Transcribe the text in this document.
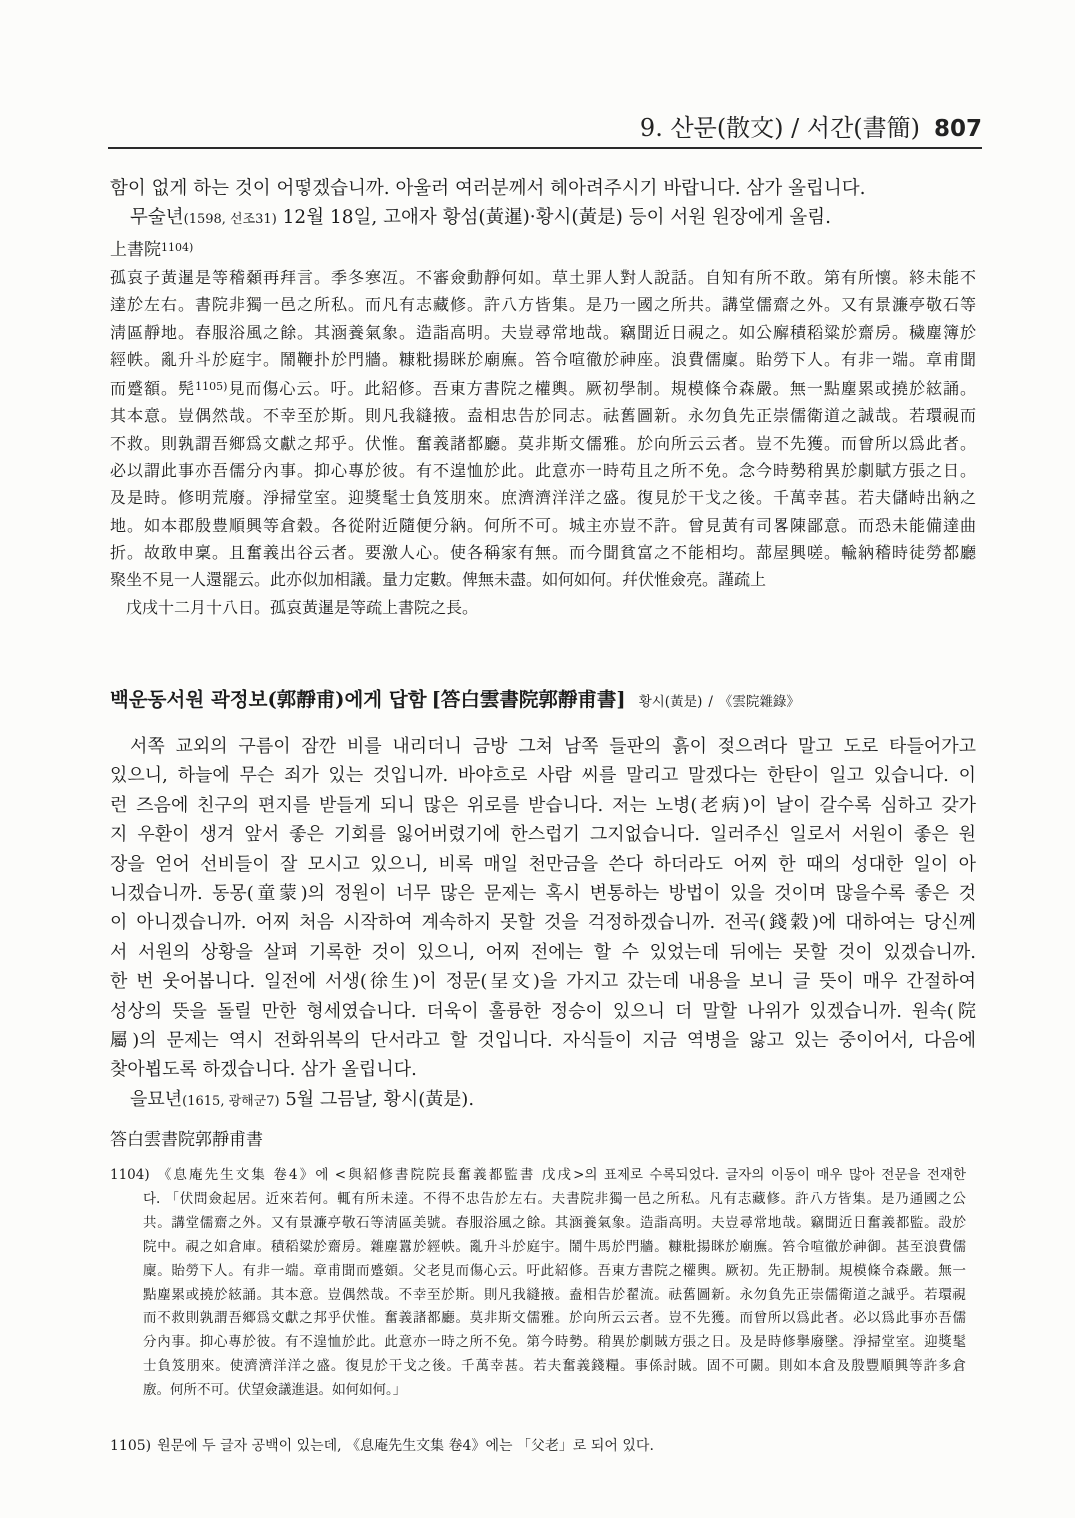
9. 산문(散文) / 서간(書簡) 807
함이 없게 하는 것이 어떻겠습니까. 아울러 여러분께서 헤아려주시기 바랍니다. 삼가 올립니다.
무술년(1598, 선조31) 12월 18일, 고애자 황섬(黃暹)·황시(黃是) 등이 서원 원장에게 올림.
上書院$^{1104)}$
孤哀子黃暹是等稽顙再拜言。季冬寒冱。不審僉動靜何如。草土罪人對人說話。自知有所不敢。第有所懷。終未能不
達於左右。書院非獨一邑之所私。而凡有志藏修。許八方皆集。是乃一國之所共。講堂儒齋之外。又有景濂亭敬石等
淸區靜地。春服浴風之餘。其涵養氣象。造詣高明。夫豈尋常地哉。竊聞近日視之。如公廨積稻粱於齋房。穢塵簿於
經帙。亂升斗於庭宇。鬧鞭扑於門牆。糠粃揚眯於廟廡。笞令喧徹於神座。浪費儒廩。貽勞下人。有非一端。章甫聞
而蹙額。髡$^{1105)}$見而傷心云。吁。此紹修。吾東方書院之權輿。厥初學制。規模條令森嚴。無一點塵累或撓於絃誦。
其本意。豈偶然哉。不幸至於斯。則凡我縫掖。盍相忠告於同志。祛舊圖新。永勿負先正崇儒衛道之誠哉。若環視而
不救。則孰謂吾鄉爲文獻之邦乎。伏惟。奮義諸都廳。莫非斯文儒雅。於向所云云者。豈不先獲。而曾所以爲此者。
必以謂此事亦吾儒分內事。抑心專於彼。有不遑恤於此。此意亦一時苟且之所不免。念今時勢稍異於劇賦方張之日。
及是時。修明荒廢。淨掃堂室。迎獎髦士負笈朋來。庶濟濟洋洋之盛。復見於干戈之後。千萬幸甚。若夫儲峙出納之
地。如本郡殷豊順興等倉穀。各從附近隨便分納。何所不可。城主亦豈不許。曾見黃有司畧陳鄙意。而恐未能備達曲
折。故敢申稟。且奮義出谷云者。要激人心。使各稱家有無。而今聞貧富之不能相均。蔀屋興嗟。輸納稽時徒勞都廳
聚坐不見一人還罷云。此亦似加相議。量力定數。俾無未盡。如何如何。幷伏惟僉亮。謹疏上
戊戌十二月十八日。孤哀黃暹是等疏上書院之長。
백운동서원 곽정보(郭靜甫)에게 답함 [答白雲書院郭靜甫書] 황시(黃是) / 《雲院雜錄》
서쪽 교외의 구름이 잠깐 비를 내리더니 금방 그쳐 남쪽 들판의 흙이 젖으려다 말고 도로 타들어가고
있으니, 하늘에 무슨 죄가 있는 것입니까. 바야흐로 사람 씨를 말리고 말겠다는 한탄이 일고 있습니다. 이
런 즈음에 친구의 편지를 받들게 되니 많은 위로를 받습니다. 저는 노병(老病)이 날이 갈수록 심하고 갖가
지 우환이 생겨 앞서 좋은 기회를 잃어버렸기에 한스럽기 그지없습니다. 일러주신 일로서 서원이 좋은 원
장을 얻어 선비들이 잘 모시고 있으니, 비록 매일 천만금을 쓴다 하더라도 어찌 한 때의 성대한 일이 아
니겠습니까. 동몽(童蒙)의 정원이 너무 많은 문제는 혹시 변통하는 방법이 있을 것이며 많을수록 좋은 것
이 아니겠습니까. 어찌 처음 시작하여 계속하지 못할 것을 걱정하겠습니까. 전곡(錢穀)에 대하여는 당신께
서 서원의 상황을 살펴 기록한 것이 있으니, 어찌 전에는 할 수 있었는데 뒤에는 못할 것이 있겠습니까.
한 번 웃어봅니다. 일전에 서생(徐生)이 정문(呈文)을 가지고 갔는데 내용을 보니 글 뜻이 매우 간절하여
성상의 뜻을 돌릴 만한 형세였습니다. 더욱이 훌륭한 정승이 있으니 더 말할 나위가 있겠습니까. 원속(院
屬)의 문제는 역시 전화위복의 단서라고 할 것입니다. 자식들이 지금 역병을 앓고 있는 중이어서, 다음에
찾아뵙도록 하겠습니다. 삼가 올립니다.
을묘년(1615, 광해군7) 5월 그믐날, 황시(黃是).
答白雲書院郭靜甫書
1104) 《息庵先生文集 卷4》에 <與紹修書院院長奮義都監書 戊戌>의 표제로 수록되었다. 글자의 이동이 매우 많아 전문을 전재한
다. 「伏問僉起居。近來若何。輒有所未達。不得不忠告於左右。夫書院非獨一邑之所私。凡有志藏修。許八方皆集。是乃通國之公
共。講堂儒齋之外。又有景濂亭敬石等淸區美號。春服浴風之餘。其涵養氣象。造詣高明。夫豈尋常地哉。竊聞近日奮義都監。設於
院中。視之如倉庫。積稻粱於齋房。雜塵囂於經帙。亂升斗於庭宇。鬧牛馬於門牆。糠粃揚眯於廟廡。笞令喧徹於神御。甚至浪費儒
廩。貽勞下人。有非一端。章甫聞而蹙頞。父老見而傷心云。吁此紹修。吾東方書院之權輿。厥初。先正刱制。規模條令森嚴。無一
點塵累或撓於絃誦。其本意。豈偶然哉。不幸至於斯。則凡我縫掖。盍相告於翟流。祛舊圖新。永勿負先正崇儒衛道之誠乎。若環視
而不救則孰謂吾鄉爲文獻之邦乎伏惟。奮義諸都廳。莫非斯文儒雅。於向所云云者。豈不先獲。而曾所以爲此者。必以爲此事亦吾儒
分內事。抑心專於彼。有不遑恤於此。此意亦一時之所不免。第今時勢。稍異於劇賊方張之日。及是時修擧廢墜。淨掃堂室。迎獎髦
士負笈朋來。使濟濟洋洋之盛。復見於干戈之後。千萬幸甚。若夫奮義錢糧。事係討賊。固不可闕。則如本倉及殷豐順興等許多倉
廒。何所不可。伏望僉議進退。如何如何。」
1105) 원문에 두 글자 공백이 있는데, 《息庵先生文集 卷4》에는 「父老」로 되어 있다.
